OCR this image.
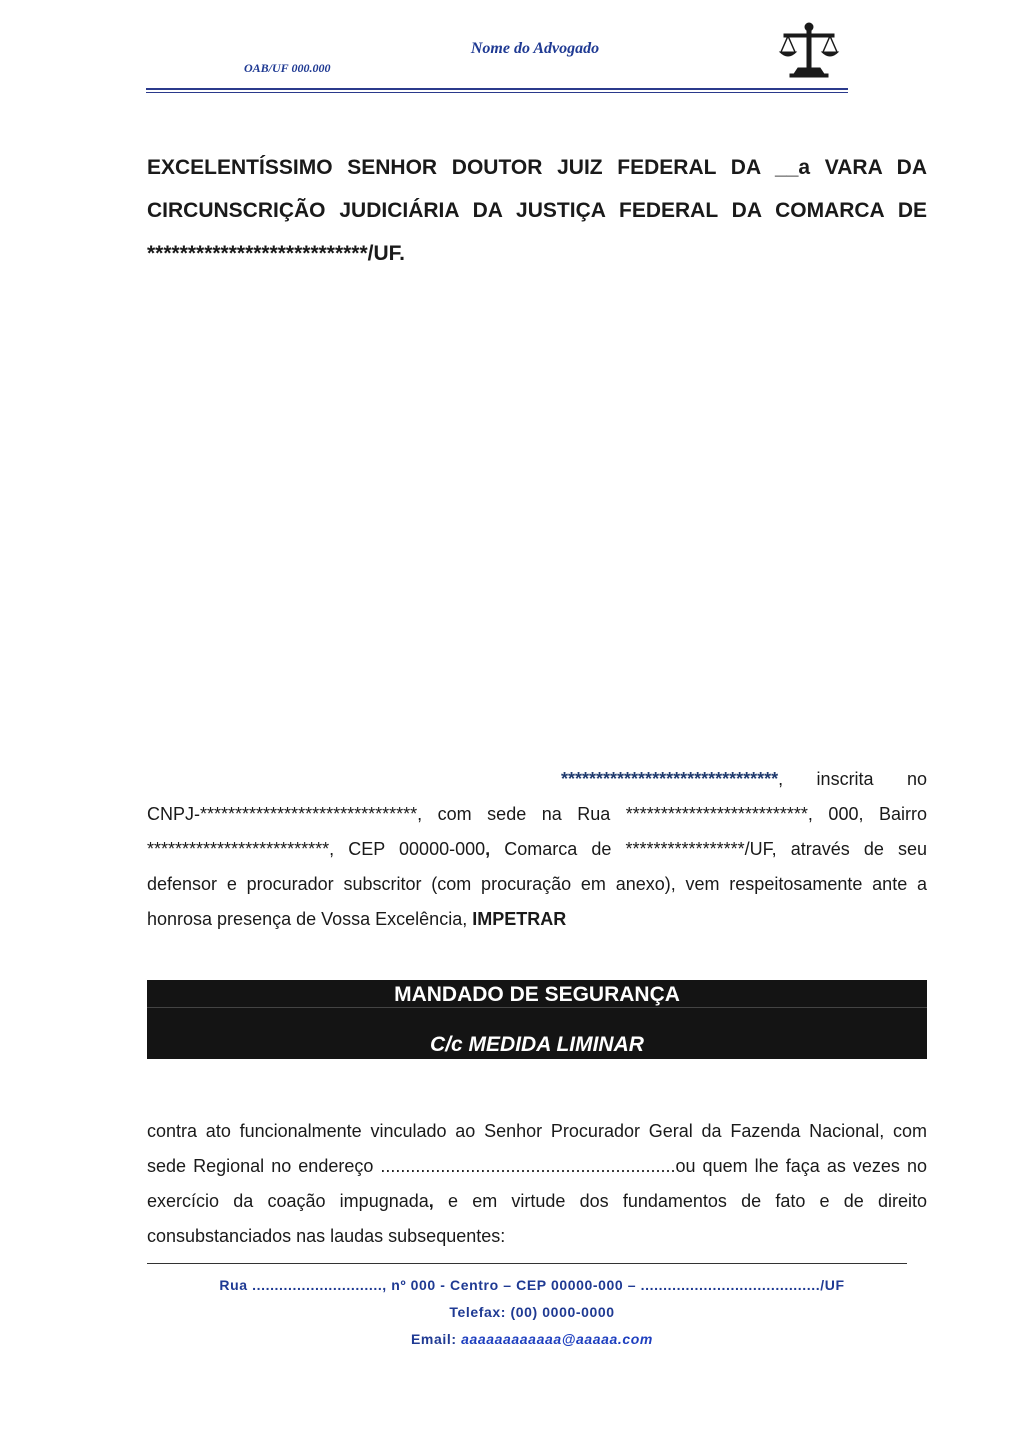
Nome do Advogado
OAB/UF 000.000
EXCELENTÍSSIMO SENHOR DOUTOR JUIZ FEDERAL DA __a VARA DA CIRCUNSCRIÇÃO JUDICIÁRIA DA JUSTIÇA FEDERAL DA COMARCA DE ***************************/UF.
*******************************, inscrita no CNPJ-*******************************, com sede na Rua **************************, 000, Bairro **************************, CEP 00000-000, Comarca de *****************/UF, através de seu defensor e procurador subscritor (com procuração em anexo), vem respeitosamente ante a honrosa presença de Vossa Excelência, IMPETRAR
MANDADO DE SEGURANÇA
C/c MEDIDA LIMINAR
contra ato funcionalmente vinculado ao Senhor Procurador Geral da Fazenda Nacional, com sede Regional no endereço ...........................................................ou quem lhe faça as vezes no exercício da coação impugnada, e em virtude dos fundamentos de fato e de direito consubstanciados nas laudas subsequentes:
Rua ............................., nº 000 - Centro – CEP 00000-000 – ......................................../UF
Telefax: (00) 0000-0000
Email: aaaaaaaaaaaa@aaaaa.com
